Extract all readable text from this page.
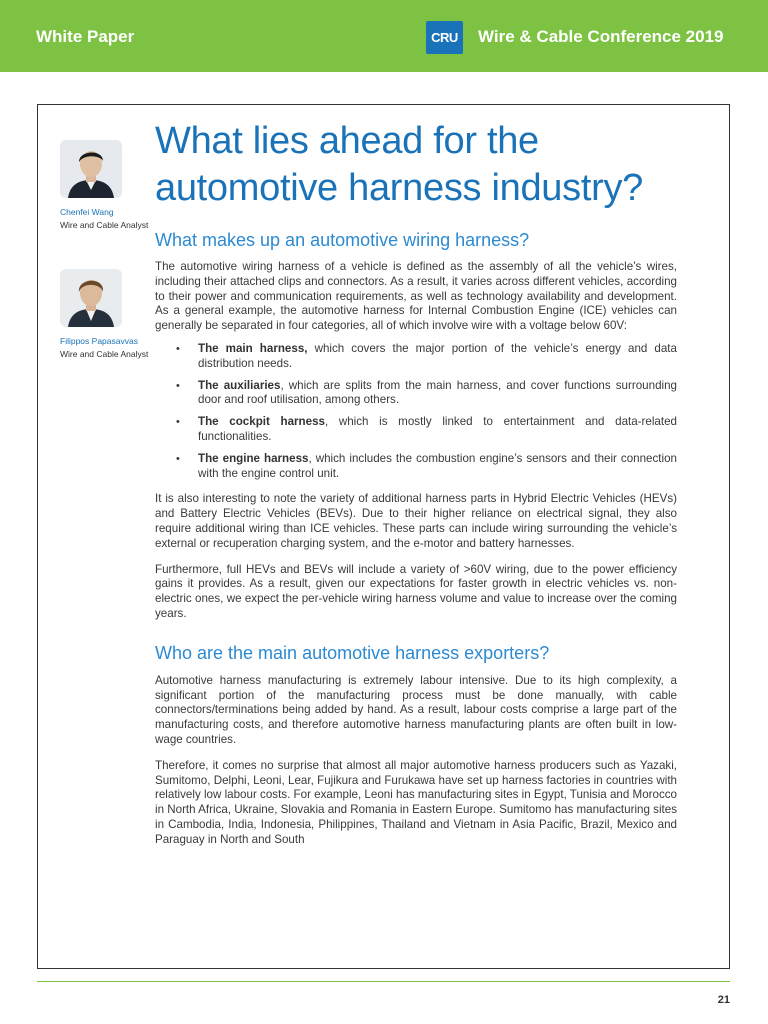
White Paper	CRU	Wire & Cable Conference 2019
Chenfei Wang
Wire and Cable Analyst
Filippos Papasavvas
Wire and Cable Analyst
What lies ahead for the automotive harness industry?
What makes up an automotive wiring harness?

The automotive wiring harness of a vehicle is defined as the assembly of all the vehicle’s wires, including their attached clips and connectors. As a result, it varies across different vehicles, according to their power and communication requirements, as well as technology availability and development. As a general example, the automotive harness for Internal Combustion Engine (ICE) vehicles can generally be separated in four categories, all of which involve wire with a voltage below 60V:

• The main harness, which covers the major portion of the vehicle’s energy and data distribution needs.
• The auxiliaries, which are splits from the main harness, and cover functions surrounding door and roof utilisation, among others.
• The cockpit harness, which is mostly linked to entertainment and data-related functionalities.
• The engine harness, which includes the combustion engine’s sensors and their connection with the engine control unit.

It is also interesting to note the variety of additional harness parts in Hybrid Electric Vehicles (HEVs) and Battery Electric Vehicles (BEVs). Due to their higher reliance on electrical signal, they also require additional wiring than ICE vehicles. These parts can include wiring surrounding the vehicle’s external or recuperation charging system, and the e-motor and battery harnesses.

Furthermore, full HEVs and BEVs will include a variety of >60V wiring, due to the power efficiency gains it provides. As a result, given our expectations for faster growth in electric vehicles vs. non-electric ones, we expect the per-vehicle wiring harness volume and value to increase over the coming years.

Who are the main automotive harness exporters?

Automotive harness manufacturing is extremely labour intensive. Due to its high complexity, a significant portion of the manufacturing process must be done manually, with cable connectors/terminations being added by hand. As a result, labour costs comprise a large part of the manufacturing costs, and therefore automotive harness manufacturing plants are often built in low-wage countries.

Therefore, it comes no surprise that almost all major automotive harness producers such as Yazaki, Sumitomo, Delphi, Leoni, Lear, Fujikura and Furukawa have set up harness factories in countries with relatively low labour costs. For example, Leoni has manufacturing sites in Egypt, Tunisia and Morocco in North Africa, Ukraine, Slovakia and Romania in Eastern Europe. Sumitomo has manufacturing sites in Cambodia, India, Indonesia, Philippines, Thailand and Vietnam in Asia Pacific, Brazil, Mexico and Paraguay in North and South

21
